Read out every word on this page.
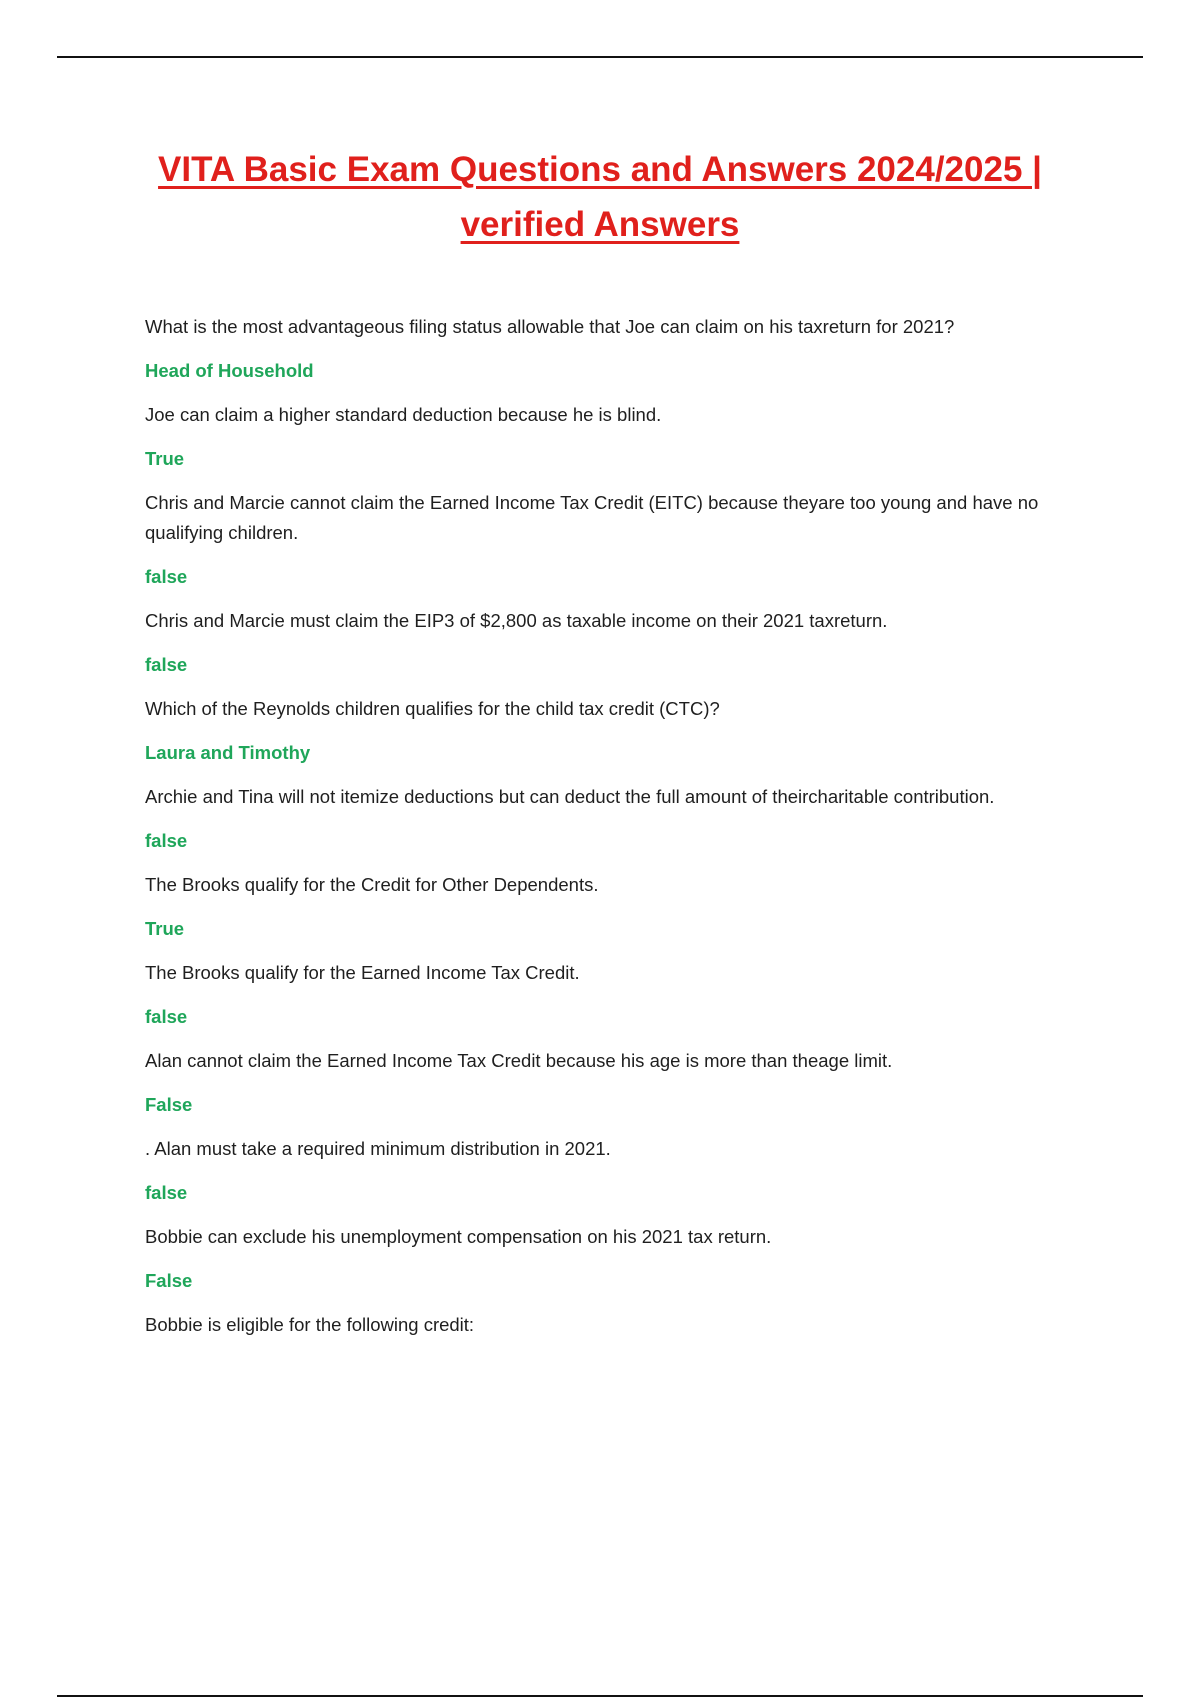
VITA Basic Exam Questions and Answers 2024/2025 |
verified Answers

What is the most advantageous filing status allowable that Joe can claim on his taxreturn for 2021?

Head of Household

Joe can claim a higher standard deduction because he is blind.

True

Chris and Marcie cannot claim the Earned Income Tax Credit (EITC) because theyare too young and have no qualifying children.

false

Chris and Marcie must claim the EIP3 of $2,800 as taxable income on their 2021 taxreturn.

false

Which of the Reynolds children qualifies for the child tax credit (CTC)?

Laura and Timothy

Archie and Tina will not itemize deductions but can deduct the full amount of theircharitable contribution.

false

The Brooks qualify for the Credit for Other Dependents.

True

The Brooks qualify for the Earned Income Tax Credit.

false

Alan cannot claim the Earned Income Tax Credit because his age is more than theage limit.

False

. Alan must take a required minimum distribution in 2021.

false

Bobbie can exclude his unemployment compensation on his 2021 tax return.

False

Bobbie is eligible for the following credit:
